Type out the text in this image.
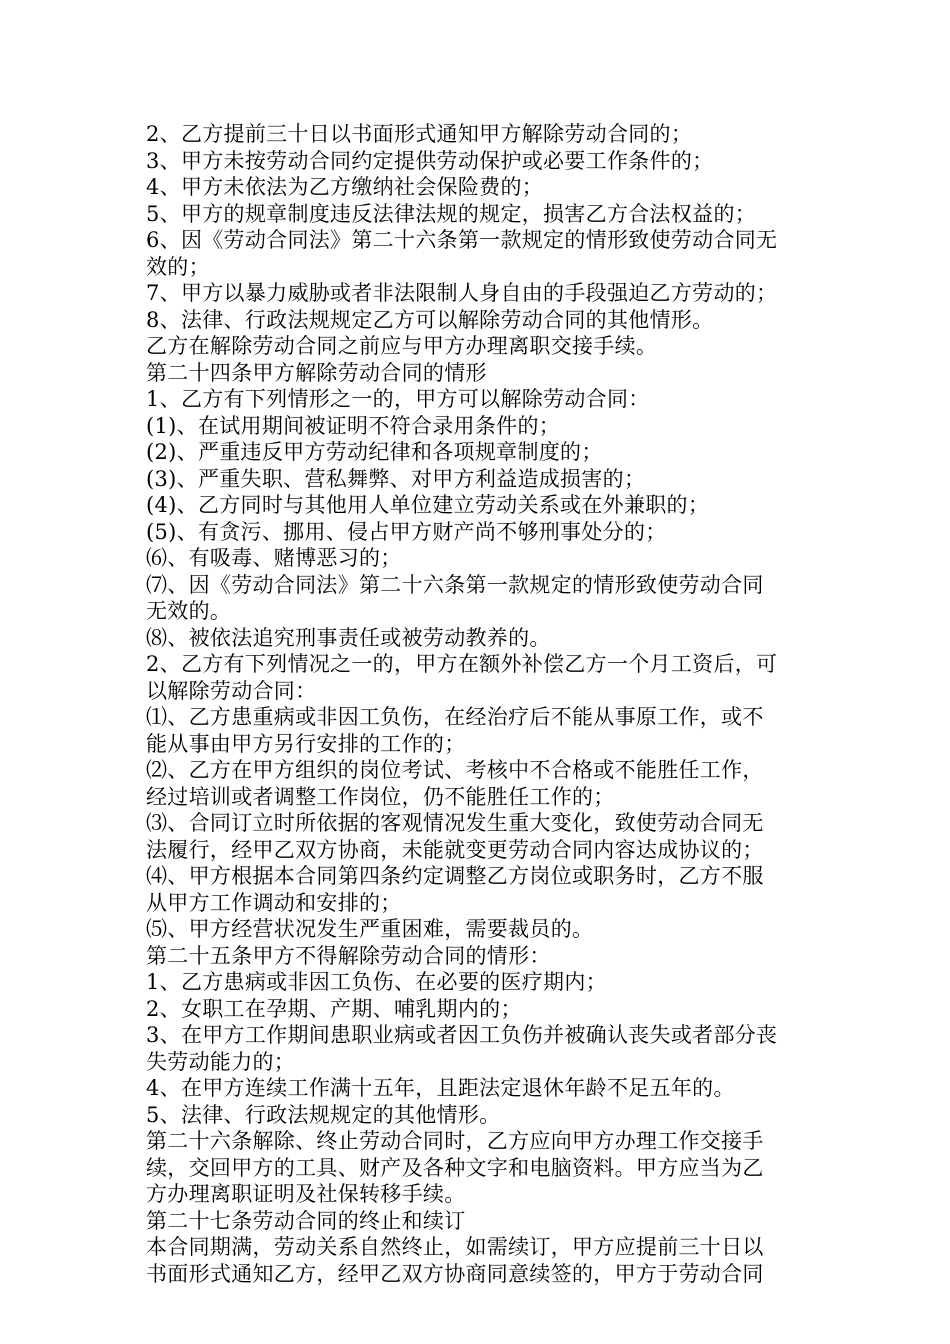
2、乙方提前三十日以书面形式通知甲方解除劳动合同的；

3、甲方未按劳动合同约定提供劳动保护或必要工作条件的；

4、甲方未依法为乙方缴纳社会保险费的；

5、甲方的规章制度违反法律法规的规定，损害乙方合法权益的；

6、因《劳动合同法》第二十六条第一款规定的情形致使劳动合同无

效的；

7、甲方以暴力威胁或者非法限制人身自由的手段强迫乙方劳动的；

8、法律、行政法规规定乙方可以解除劳动合同的其他情形。

乙方在解除劳动合同之前应与甲方办理离职交接手续。

第二十四条甲方解除劳动合同的情形

1、乙方有下列情形之一的，甲方可以解除劳动合同：

(1)、在试用期间被证明不符合录用条件的；

(2)、严重违反甲方劳动纪律和各项规章制度的；

(3)、严重失职、营私舞弊、对甲方利益造成损害的；

(4)、乙方同时与其他用人单位建立劳动关系或在外兼职的；

(5)、有贪污、挪用、侵占甲方财产尚不够刑事处分的；

⑹、有吸毒、赌博恶习的；

⑺、因《劳动合同法》第二十六条第一款规定的情形致使劳动合同

无效的。

⑻、被依法追究刑事责任或被劳动教养的。

2、乙方有下列情况之一的，甲方在额外补偿乙方一个月工资后，可

以解除劳动合同：

⑴、乙方患重病或非因工负伤，在经治疗后不能从事原工作，或不

能从事由甲方另行安排的工作的；

⑵、乙方在甲方组织的岗位考试、考核中不合格或不能胜任工作，

经过培训或者调整工作岗位，仍不能胜任工作的；

⑶、合同订立时所依据的客观情况发生重大变化，致使劳动合同无

法履行，经甲乙双方协商，未能就变更劳动合同内容达成协议的；

⑷、甲方根据本合同第四条约定调整乙方岗位或职务时，乙方不服

从甲方工作调动和安排的；

⑸、甲方经营状况发生严重困难，需要裁员的。

第二十五条甲方不得解除劳动合同的情形：

1、乙方患病或非因工负伤、在必要的医疗期内；

2、女职工在孕期、产期、哺乳期内的；

3、在甲方工作期间患职业病或者因工负伤并被确认丧失或者部分丧

失劳动能力的；

4、在甲方连续工作满十五年，且距法定退休年龄不足五年的。

5、法律、行政法规规定的其他情形。

第二十六条解除、终止劳动合同时，乙方应向甲方办理工作交接手

续，交回甲方的工具、财产及各种文字和电脑资料。甲方应当为乙

方办理离职证明及社保转移手续。

第二十七条劳动合同的终止和续订

本合同期满，劳动关系自然终止，如需续订，甲方应提前三十日以

书面形式通知乙方，经甲乙双方协商同意续签的，甲方于劳动合同
